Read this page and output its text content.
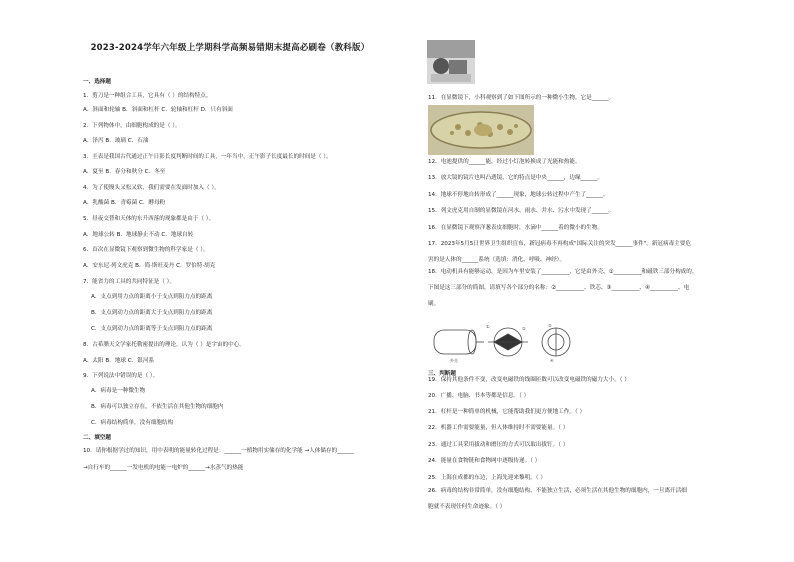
2023-2024学年六年级上学期科学高频易错期末提高必刷卷（教科版）
一、选择题
1．剪刀是一种组合工具，它具有（ ）的结构特点。
A．斜面和轮轴 B．斜面和杠杆 C．轮轴和杠杆 D．只有斜面
2．下列物体中，由细胞构成的是（ ）。
A．泽泻 B．玻璃 C．石油
3．圭表是我国古代通过正午日影长度判断时间的工具，一年当中，正午影子长度最长的时间是（ ）。
A．夏至 B．春分和秋分 C．冬至
4．为了使馒头又松又软，我们需要在发面时加入（ ）。
A．乳酸菌 B．青霉菌 C．酵母粉
5．昼夜交替和天体的东升西落的现象都是由于（ ）。
A．地球公转 B．地球静止不动 C．地球自转
6．首次在显微镜下观察到微生物的科学家是（ ）。
A．安东尼·列文虎克 B．简·斯旺麦丹 C．罗伯特·胡克
7．能省力的工具的共同特征是（ ）。
A．支点到用力点的距离小于支点到阻力点的距离
B．支点到动力点的距离大于支点到阻力点的距离
C．支点到动力点的距离等于支点到阻力点的距离
8．古希腊天文学家托勒密提出的理论，认为（ ）是宇宙的中心。
A．太阳 B．地球 C．银河系
9．下列说法中错误的是（ ）。
A．病毒是一种微生物
B．病毒可以独立存在，不依生活在其他生物的细胞内
C．病毒结构简单，没有细胞结构
二、填空题
10．请你根据学过的知识，用中表明的能量转化过程是：______一植物用实储存的化学能 →人体储存的______
→自行车的______一发电机的电能一电炉的______→水蒸气的热能
11．在显微镜下，小科观察到了如下图所示的一种微小生物，它是______。
12．电池提供的______能，经过小灯泡转换成了光能和热能。
13．放大镜的镜片也叫凸透镜，它的特点是中央______，边缘______。
14．地球不停地自转形成了______现象，地球公转过程中产生了______。
15．列文虎克用自制的显微镜在河水、雨水、井水、污水中发现了______。
16．在显微镜下观察洋葱表皮细胞时，水滴中______着的微小的生物。
17．2023年5月5日世界卫生组织宣布，新冠病毒不再构成"国际关注的突发______事件"。新冠病毒主要危
害的是人体的______系统（选填：消化、呼吸、神经）。
18．电动机具有能够运动，是因为车里安装了__________，它是由外壳、①__________和磁铁三部分构成的。
下图是这三部分的简图，请填写各个部分的名称：②__________、铁芯、③__________、④__________、电
刷。
三、判断题
19．保持其他条件不变，改变电磁铁的线圈匝数可以改变电磁铁的磁力大小。（ ）
20．广播、电脑、书本等都是信息。（ ）
21．杠杆是一种简单的机械，它能帮助我们更方便地工作。（ ）
22．机器工作需要能量，但人体维持时不需要能量。（ ）
23．通过工具采用拔动和磨压的方式可以取出拔钉。（ ）
24．能量在食物链和食物网中逐级传递。（ ）
25．上海在成都的东边，上海先迎来黎明。（ ）
26．病毒的结构非常简单，没有细胞结构，不能独立生活，必须生活在其他生物的细胞内，一旦离开活细
胞就不表现任何生命迹象。（ ）
外壳
①	②
③
④
